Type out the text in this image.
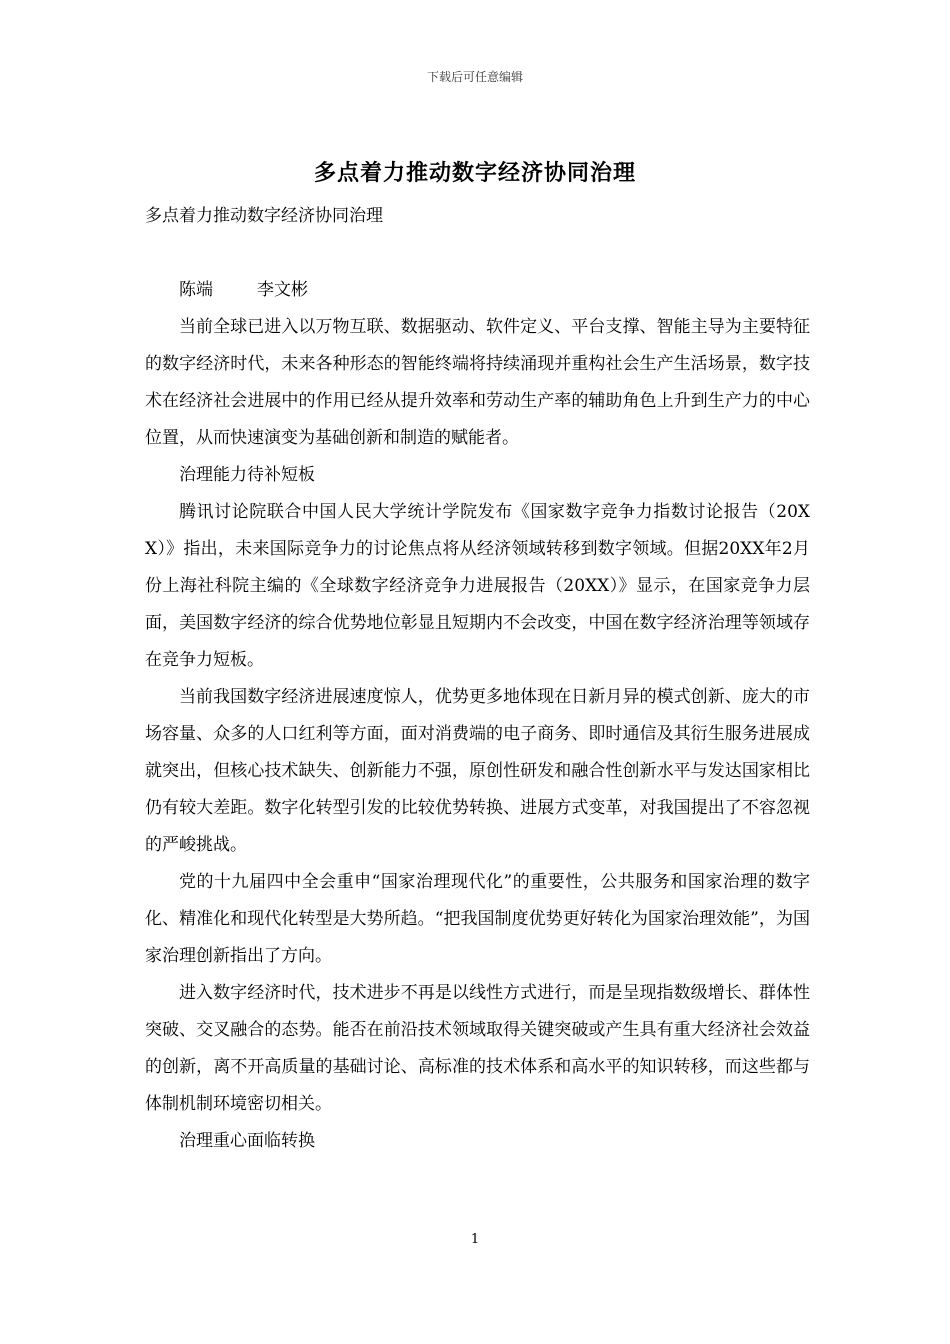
下载后可任意编辑
多点着力推动数字经济协同治理

多点着力推动数字经济协同治理

陈端	李文彬

当前全球已进入以万物互联、数据驱动、软件定义、平台支撑、智能主导为主要特征的数字经济时代，未来各种形态的智能终端将持续涌现并重构社会生产生活场景，数字技术在经济社会进展中的作用已经从提升效率和劳动生产率的辅助角色上升到生产力的中心位置，从而快速演变为基础创新和制造的赋能者。

治理能力待补短板

腾讯讨论院联合中国人民大学统计学院发布《国家数字竞争力指数讨论报告（20XX）》指出，未来国际竞争力的讨论焦点将从经济领域转移到数字领域。但据20XX年2月份上海社科院主编的《全球数字经济竞争力进展报告（20XX）》显示，在国家竞争力层面，美国数字经济的综合优势地位彰显且短期内不会改变，中国在数字经济治理等领域存在竞争力短板。

当前我国数字经济进展速度惊人，优势更多地体现在日新月异的模式创新、庞大的市场容量、众多的人口红利等方面，面对消费端的电子商务、即时通信及其衍生服务进展成就突出，但核心技术缺失、创新能力不强，原创性研发和融合性创新水平与发达国家相比仍有较大差距。数字化转型引发的比较优势转换、进展方式变革，对我国提出了不容忽视的严峻挑战。

党的十九届四中全会重申“国家治理现代化”的重要性，公共服务和国家治理的数字化、精准化和现代化转型是大势所趋。“把我国制度优势更好转化为国家治理效能”，为国家治理创新指出了方向。

进入数字经济时代，技术进步不再是以线性方式进行，而是呈现指数级增长、群体性突破、交叉融合的态势。能否在前沿技术领域取得关键突破或产生具有重大经济社会效益的创新，离不开高质量的基础讨论、高标准的技术体系和高水平的知识转移，而这些都与体制机制环境密切相关。

治理重心面临转换

1
